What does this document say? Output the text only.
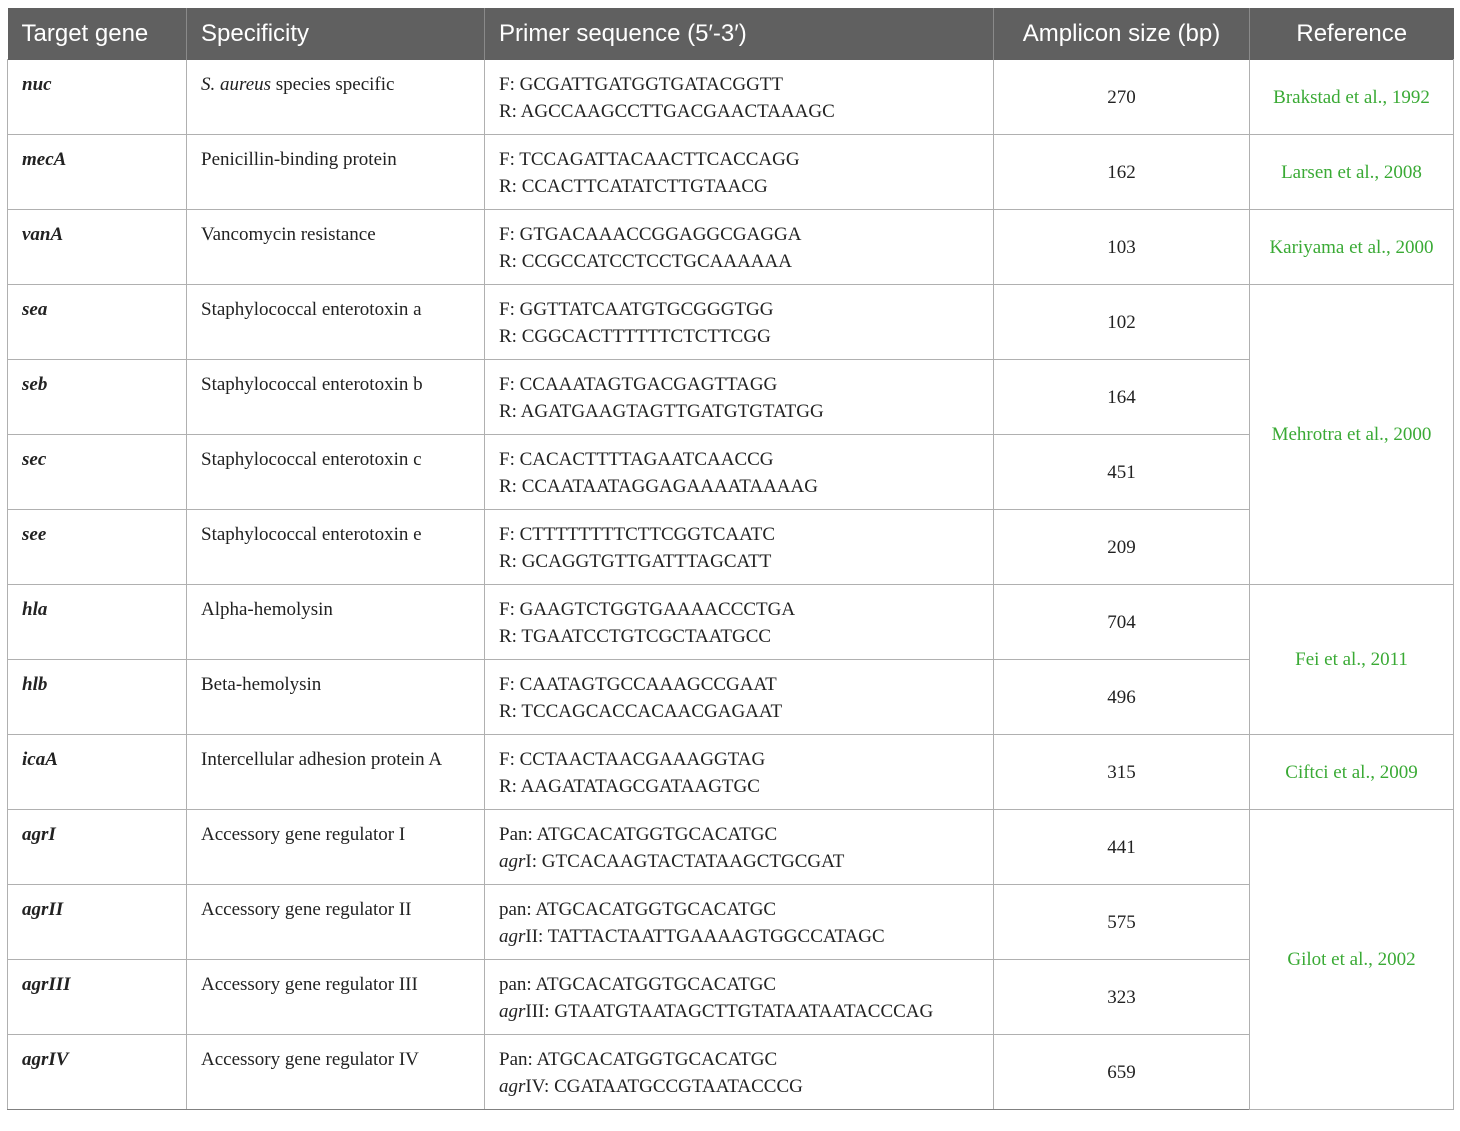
Target gene	Specificity	Primer sequence (5′-3′)	Amplicon size (bp)	Reference
nuc	S. aureus species specific	F: GCGATTGATGGTGATACGGTT
R: AGCCAAGCCTTGACGAACTAAAGC	270	Brakstad et al., 1992
mecA	Penicillin-binding protein	F: TCCAGATTACAACTTCACCAGG
R: CCACTTCATATCTTGTAACG	162	Larsen et al., 2008
vanA	Vancomycin resistance	F: GTGACAAACCGGAGGCGAGGA
R: CCGCCATCCTCCTGCAAAAAA	103	Kariyama et al., 2000
sea	Staphylococcal enterotoxin a	F: GGTTATCAATGTGCGGGTGG
R: CGGCACTTTTTTCTCTTCGG	102	Mehrotra et al., 2000
seb	Staphylococcal enterotoxin b	F: CCAAATAGTGACGAGTTAGG
R: AGATGAAGTAGTTGATGTGTATGG	164	
sec	Staphylococcal enterotoxin c	F: CACACTTTTAGAATCAACCG
R: CCAATAATAGGAGAAAATAAAAG	451	
see	Staphylococcal enterotoxin e	F: CTTTTTTTTCTTCGGTCAATC
R: GCAGGTGTTGATTTAGCATT	209	
hla	Alpha-hemolysin	F: GAAGTCTGGTGAAAACCCTGA
R: TGAATCCTGTCGCTAATGCC	704	Fei et al., 2011
hlb	Beta-hemolysin	F: CAATAGTGCCAAAGCCGAAT
R: TCCAGCACCACAACGAGAAT	496	
icaA	Intercellular adhesion protein A	F: CCTAACTAACGAAAGGTAG
R: AAGATATAGCGATAAGTGC	315	Ciftci et al., 2009
agrI	Accessory gene regulator I	Pan: ATGCACATGGTGCACATGC
agrI: GTCACAAGTACTATAAGCTGCGAT	441	Gilot et al., 2002
agrII	Accessory gene regulator II	pan: ATGCACATGGTGCACATGC
agrII: TATTACTAATTGAAAAGTGGCCATAGC	575	
agrIII	Accessory gene regulator III	pan: ATGCACATGGTGCACATGC
agrIII: GTAATGTAATAGCTTGTATAATAATACCCAG	323	
agrIV	Accessory gene regulator IV	Pan: ATGCACATGGTGCACATGC
agrIV: CGATAATGCCGTAATACCCG	659	
